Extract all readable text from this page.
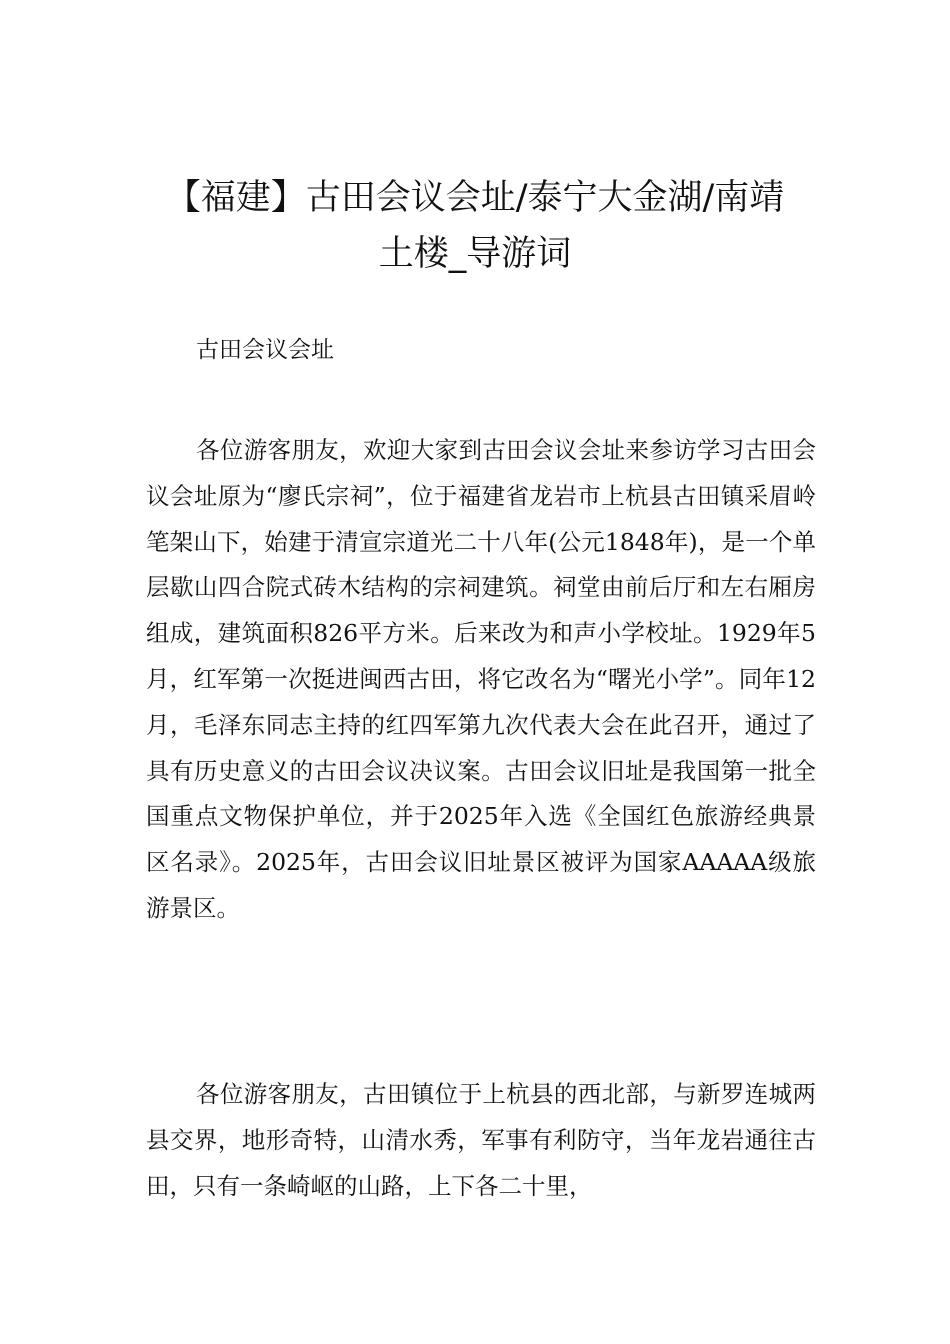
【福建】古田会议会址/泰宁大金湖/南靖
土楼_导游词
古田会议会址

各位游客朋友，欢迎大家到古田会议会址来参访学习古田会议会址原为“廖氏宗祠”，位于福建省龙岩市上杭县古田镇采眉岭笔架山下，始建于清宣宗道光二十八年(公元1848年)，是一个单层歇山四合院式砖木结构的宗祠建筑。祠堂由前后厅和左右厢房组成，建筑面积826平方米。后来改为和声小学校址。1929年5月，红军第一次挺进闽西古田，将它改名为“曙光小学”。同年12月，毛泽东同志主持的红四军第九次代表大会在此召开，通过了具有历史意义的古田会议决议案。古田会议旧址是我国第一批全国重点文物保护单位，并于2025年入选《全国红色旅游经典景区名录》。2025年，古田会议旧址景区被评为国家AAAAA级旅游景区。

各位游客朋友，古田镇位于上杭县的西北部，与新罗连城两县交界，地形奇特，山清水秀，军事有利防守，当年龙岩通往古田，只有一条崎岖的山路，上下各二十里，
